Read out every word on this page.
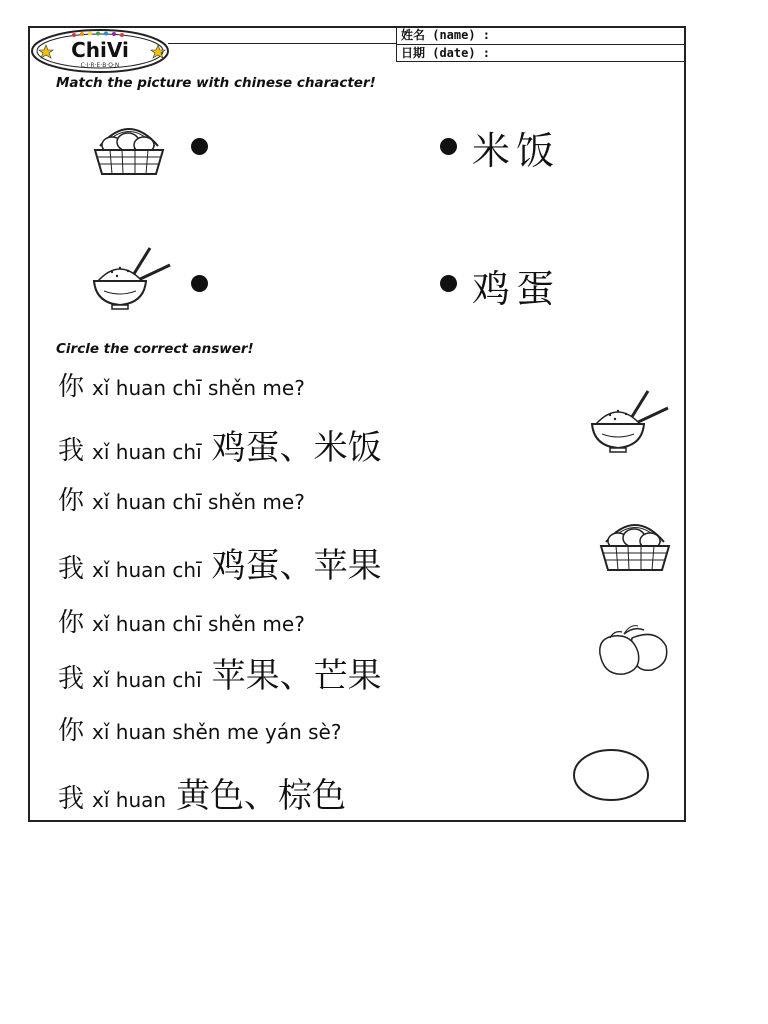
ChiVi
C·I·R·E·B·O·N
姓名 (name) :
日期 (date) :
Match the picture with chinese character!
米饭
鸡蛋
Circle the correct answer!
你 xǐ huan chī shěn me?
我 xǐ huan chī 鸡蛋、米饭
你 xǐ huan chī shěn me?
我 xǐ huan chī 鸡蛋、苹果
你 xǐ huan chī shěn me?
我 xǐ huan chī 苹果、芒果
你 xǐ huan shěn me yán sè?
我 xǐ huan 黄色、棕色
